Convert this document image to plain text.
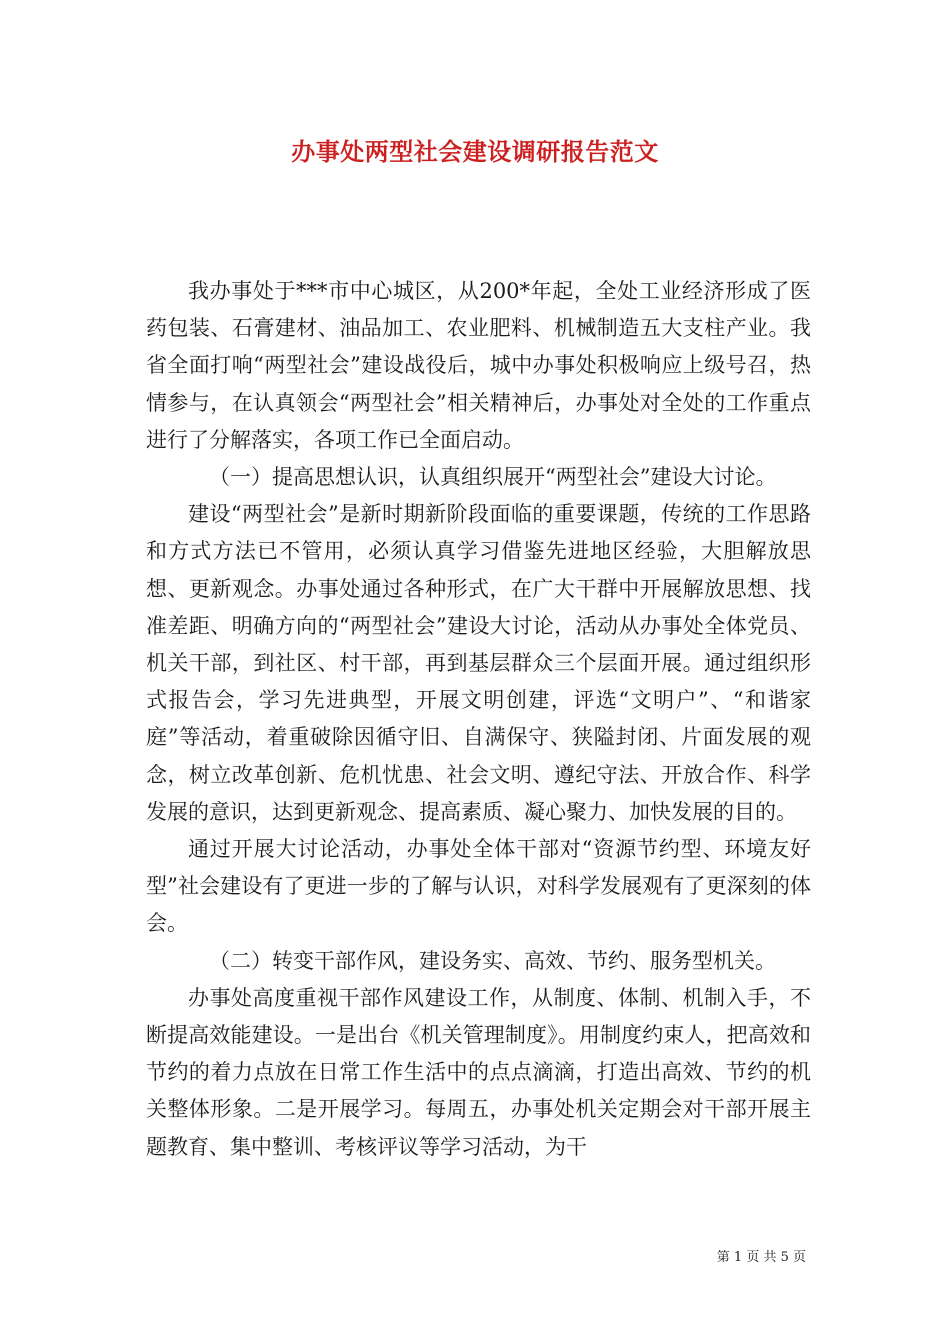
办事处两型社会建设调研报告范文

我办事处于***市中心城区，从200*年起，全处工业经济形成了医药包装、石膏建材、油品加工、农业肥料、机械制造五大支柱产业。我省全面打响“两型社会”建设战役后，城中办事处积极响应上级号召，热情参与，在认真领会“两型社会”相关精神后，办事处对全处的工作重点进行了分解落实，各项工作已全面启动。

（一）提高思想认识，认真组织展开“两型社会”建设大讨论。

建设“两型社会”是新时期新阶段面临的重要课题，传统的工作思路和方式方法已不管用，必须认真学习借鉴先进地区经验，大胆解放思想、更新观念。办事处通过各种形式，在广大干群中开展解放思想、找准差距、明确方向的“两型社会”建设大讨论，活动从办事处全体党员、机关干部，到社区、村干部，再到基层群众三个层面开展。通过组织形式报告会，学习先进典型，开展文明创建，评选“文明户”、“和谐家庭”等活动，着重破除因循守旧、自满保守、狭隘封闭、片面发展的观念，树立改革创新、危机忧患、社会文明、遵纪守法、开放合作、科学发展的意识，达到更新观念、提高素质、凝心聚力、加快发展的目的。

通过开展大讨论活动，办事处全体干部对“资源节约型、环境友好型”社会建设有了更进一步的了解与认识，对科学发展观有了更深刻的体会。

（二）转变干部作风，建设务实、高效、节约、服务型机关。

办事处高度重视干部作风建设工作，从制度、体制、机制入手，不断提高效能建设。一是出台《机关管理制度》。用制度约束人，把高效和节约的着力点放在日常工作生活中的点点滴滴，打造出高效、节约的机关整体形象。二是开展学习。每周五，办事处机关定期会对干部开展主题教育、集中整训、考核评议等学习活动，为干

第 1 页 共 5 页
